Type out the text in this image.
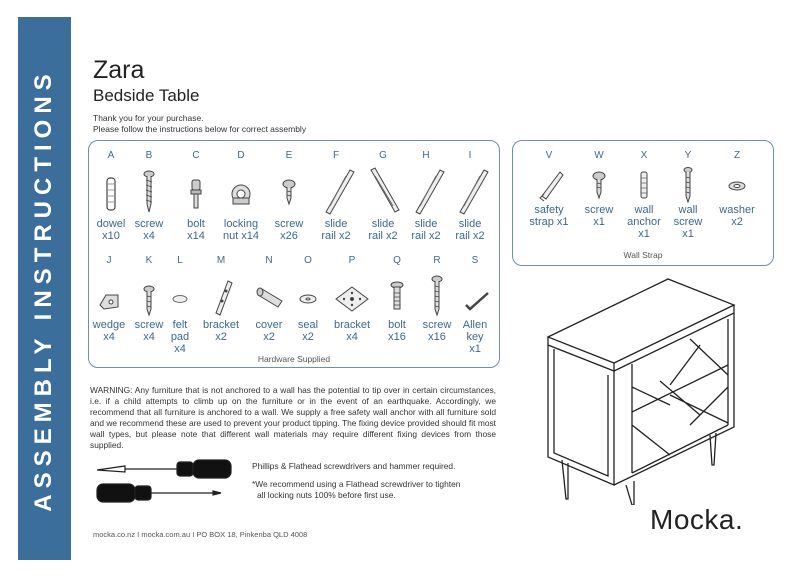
ASSEMBLY INSTRUCTIONS Zara
Bedside Table
Thank you for your purchase.
Please follow the instructions below for correct assembly
Hardware Supplied
Wall Strap
A
dowel
x10
B
screw
x4
C
bolt
x14
D
locking
nut x14
E
screw
x26
F
slide
rail x2
G
slide
rail x2
H
slide
rail x2
I
slide
rail x2
J
wedge
x4
K
screw
x4
L
felt
pad
x4
M
bracket
x2
N
cover
x2
O
seal
x2
P
bracket
x4
Q
bolt
x16
R
screw
x16
S
Allen
key
x1
V
safety
strap x1
W
screw
x1
X
wall
anchor
x1
Y
wall
screw
x1
Z
washer
x2
WARNING: Any furniture that is not anchored to a wall has the potential to tip over in certain circumstances, i.e. if a child attempts to climb up on the furniture or in the event of an earthquake. Accordingly, we recommend that all furniture is anchored to a wall. We supply a free safety wall anchor with all furniture sold and we recommend these are used to prevent your product tipping. The fixing device provided should fit most wall types, but please note that different wall materials may require different fixing devices from those supplied.
Phillips & Flathead screwdrivers and hammer required.
*We recommend using a Flathead screwdriver to tighten
all locking nuts 100% before first use.
mocka.co.nz I mocka.com.au I PO BOX 18, Pinkenba QLD 4008	Mocka.
